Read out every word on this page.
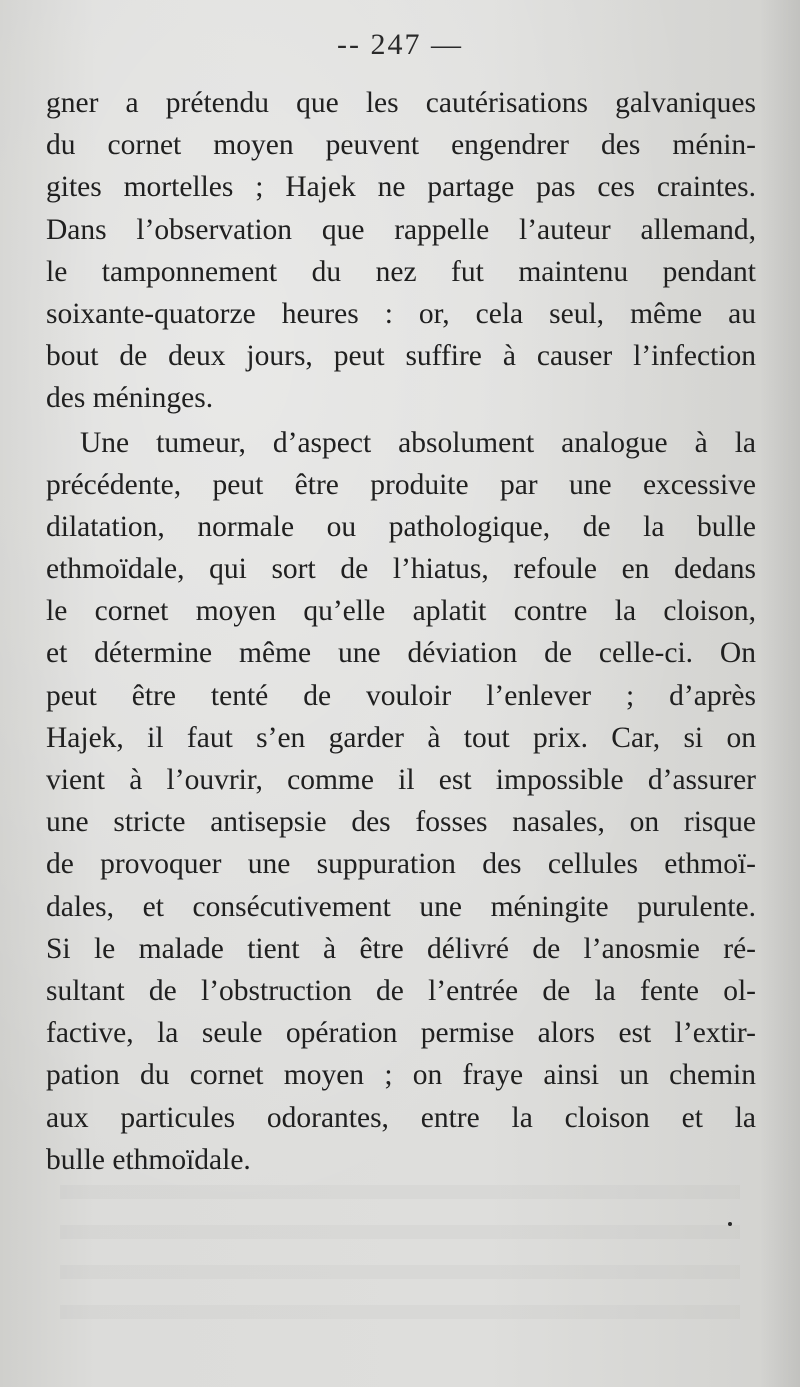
-- 247 —
gner a prétendu que les cautérisations galvaniques
du cornet moyen peuvent engendrer des ménin-
gites mortelles ; Hajek ne partage pas ces craintes.
Dans l’observation que rappelle l’auteur allemand,
le tamponnement du nez fut maintenu pendant
soixante-quatorze heures : or, cela seul, même au
bout de deux jours, peut suffire à causer l’infection
des méninges.
Une tumeur, d’aspect absolument analogue à la
précédente, peut être produite par une excessive
dilatation, normale ou pathologique, de la bulle
ethmoïdale, qui sort de l’hiatus, refoule en dedans
le cornet moyen qu’elle aplatit contre la cloison,
et détermine même une déviation de celle-ci. On
peut être tenté de vouloir l’enlever ; d’après
Hajek, il faut s’en garder à tout prix. Car, si on
vient à l’ouvrir, comme il est impossible d’assurer
une stricte antisepsie des fosses nasales, on risque
de provoquer une suppuration des cellules ethmoï-
dales, et consécutivement une méningite purulente.
Si le malade tient à être délivré de l’anosmie ré-
sultant de l’obstruction de l’entrée de la fente ol-
factive, la seule opération permise alors est l’extir-
pation du cornet moyen ; on fraye ainsi un chemin
aux particules odorantes, entre la cloison et la
bulle ethmoïdale.
